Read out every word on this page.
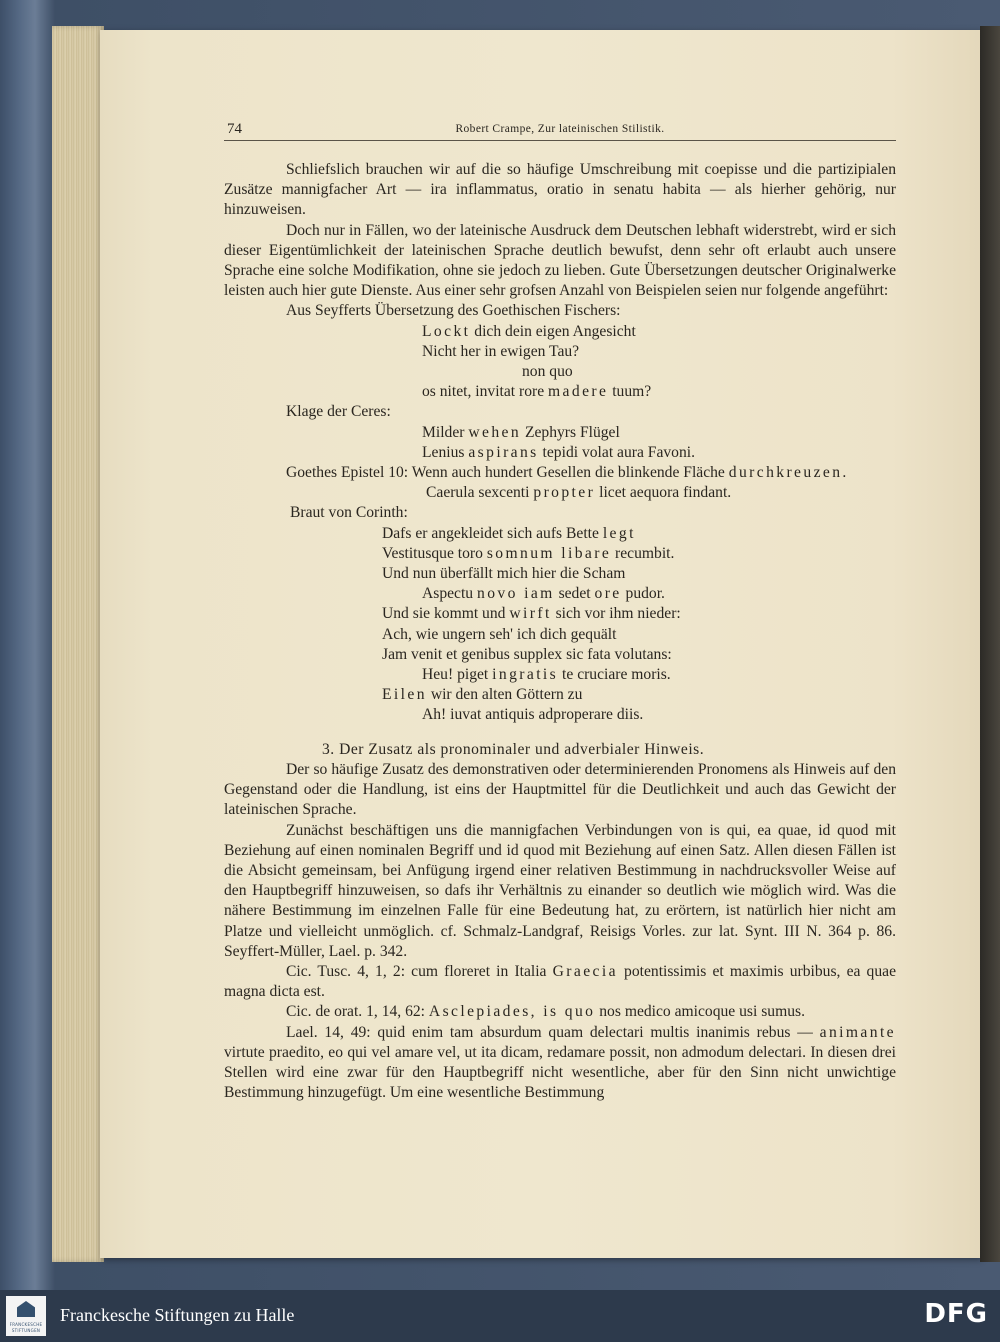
74	Robert Crampe, Zur lateinischen Stilistik.

Schliefslich brauchen wir auf die so häufige Umschreibung mit coepisse und die partizipialen Zusätze mannigfacher Art — ira inflammatus, oratio in senatu habita — als hierher gehörig, nur hinzuweisen.

Doch nur in Fällen, wo der lateinische Ausdruck dem Deutschen lebhaft widerstrebt, wird er sich dieser Eigentümlichkeit der lateinischen Sprache deutlich bewufst, denn sehr oft erlaubt auch unsere Sprache eine solche Modifikation, ohne sie jedoch zu lieben. Gute Übersetzungen deutscher Originalwerke leisten auch hier gute Dienste. Aus einer sehr grofsen Anzahl von Beispielen seien nur folgende angeführt:

Aus Seyfferts Übersetzung des Goethischen Fischers:

Lockt dich dein eigen Angesicht

Nicht her in ewigen Tau?

non quo

os nitet, invitat rore madere tuum?

Klage der Ceres:

Milder wehen Zephyrs Flügel

Lenius aspirans tepidi volat aura Favoni.

Goethes Epistel 10: Wenn auch hundert Gesellen die blinkende Fläche durchkreuzen.

Caerula sexcenti propter licet aequora findant.

Braut von Corinth:

Dafs er angekleidet sich aufs Bette legt

Vestitusque toro somnum libare recumbit.

Und nun überfällt mich hier die Scham

Aspectu novo iam sedet ore pudor.

Und sie kommt und wirft sich vor ihm nieder:

Ach, wie ungern seh' ich dich gequält

Jam venit et genibus supplex sic fata volutans:

Heu! piget ingratis te cruciare moris.

Eilen wir den alten Göttern zu

Ah! iuvat antiquis adproperare diis.

3. Der Zusatz als pronominaler und adverbialer Hinweis.

Der so häufige Zusatz des demonstrativen oder determinierenden Pronomens als Hinweis auf den Gegenstand oder die Handlung, ist eins der Hauptmittel für die Deutlichkeit und auch das Gewicht der lateinischen Sprache.

Zunächst beschäftigen uns die mannigfachen Verbindungen von is qui, ea quae, id quod mit Beziehung auf einen nominalen Begriff und id quod mit Beziehung auf einen Satz. Allen diesen Fällen ist die Absicht gemeinsam, bei Anfügung irgend einer relativen Bestimmung in nachdrucksvoller Weise auf den Hauptbegriff hinzuweisen, so dafs ihr Verhältnis zu einander so deutlich wie möglich wird. Was die nähere Bestimmung im einzelnen Falle für eine Bedeutung hat, zu erörtern, ist natürlich hier nicht am Platze und vielleicht unmöglich. cf. Schmalz-Landgraf, Reisigs Vorles. zur lat. Synt. III N. 364 p. 86. Seyffert-Müller, Lael. p. 342.

Cic. Tusc. 4, 1, 2: cum floreret in Italia Graecia potentissimis et maximis urbibus, ea quae magna dicta est.

Cic. de orat. 1, 14, 62: Asclepiades, is quo nos medico amicoque usi sumus.

Lael. 14, 49: quid enim tam absurdum quam delectari multis inanimis rebus — animante virtute praedito, eo qui vel amare vel, ut ita dicam, redamare possit, non admodum delectari. In diesen drei Stellen wird eine zwar für den Hauptbegriff nicht wesentliche, aber für den Sinn nicht unwichtige Bestimmung hinzugefügt. Um eine wesentliche Bestimmung

FRANCKESCHE
STIFTUNGEN
Franckesche Stiftungen zu Halle	DFG
